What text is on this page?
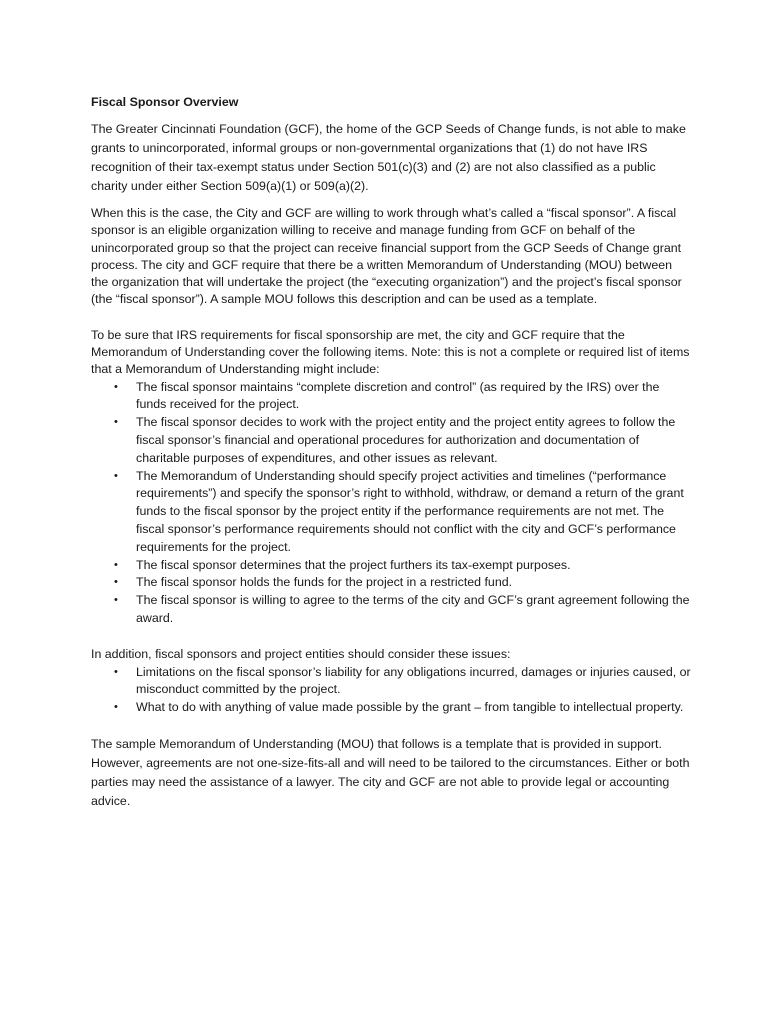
Fiscal Sponsor Overview

The Greater Cincinnati Foundation (GCF), the home of the GCP Seeds of Change funds, is not able to make grants to unincorporated, informal groups or non-governmental organizations that (1) do not have IRS recognition of their tax-exempt status under Section 501(c)(3) and (2) are not also classified as a public charity under either Section 509(a)(1) or 509(a)(2).

When this is the case, the City and GCF are willing to work through what’s called a “fiscal sponsor”. A fiscal sponsor is an eligible organization willing to receive and manage funding from GCF on behalf of the unincorporated group so that the project can receive financial support from the GCP Seeds of Change grant process. The city and GCF require that there be a written Memorandum of Understanding (MOU) between the organization that will undertake the project (the “executing organization”) and the project’s fiscal sponsor (the “fiscal sponsor”). A sample MOU follows this description and can be used as a template.

To be sure that IRS requirements for fiscal sponsorship are met, the city and GCF require that the Memorandum of Understanding cover the following items. Note: this is not a complete or required list of items that a Memorandum of Understanding might include:

• The fiscal sponsor maintains “complete discretion and control” (as required by the IRS) over the funds received for the project.
• The fiscal sponsor decides to work with the project entity and the project entity agrees to follow the fiscal sponsor’s financial and operational procedures for authorization and documentation of charitable purposes of expenditures, and other issues as relevant.
• The Memorandum of Understanding should specify project activities and timelines (“performance requirements”) and specify the sponsor’s right to withhold, withdraw, or demand a return of the grant funds to the fiscal sponsor by the project entity if the performance requirements are not met. The fiscal sponsor’s performance requirements should not conflict with the city and GCF’s performance requirements for the project.
• The fiscal sponsor determines that the project furthers its tax-exempt purposes.
• The fiscal sponsor holds the funds for the project in a restricted fund.
• The fiscal sponsor is willing to agree to the terms of the city and GCF’s grant agreement following the award.

In addition, fiscal sponsors and project entities should consider these issues:

• Limitations on the fiscal sponsor’s liability for any obligations incurred, damages or injuries caused, or misconduct committed by the project.
• What to do with anything of value made possible by the grant – from tangible to intellectual property.

The sample Memorandum of Understanding (MOU) that follows is a template that is provided in support. However, agreements are not one-size-fits-all and will need to be tailored to the circumstances. Either or both parties may need the assistance of a lawyer. The city and GCF are not able to provide legal or accounting advice.
